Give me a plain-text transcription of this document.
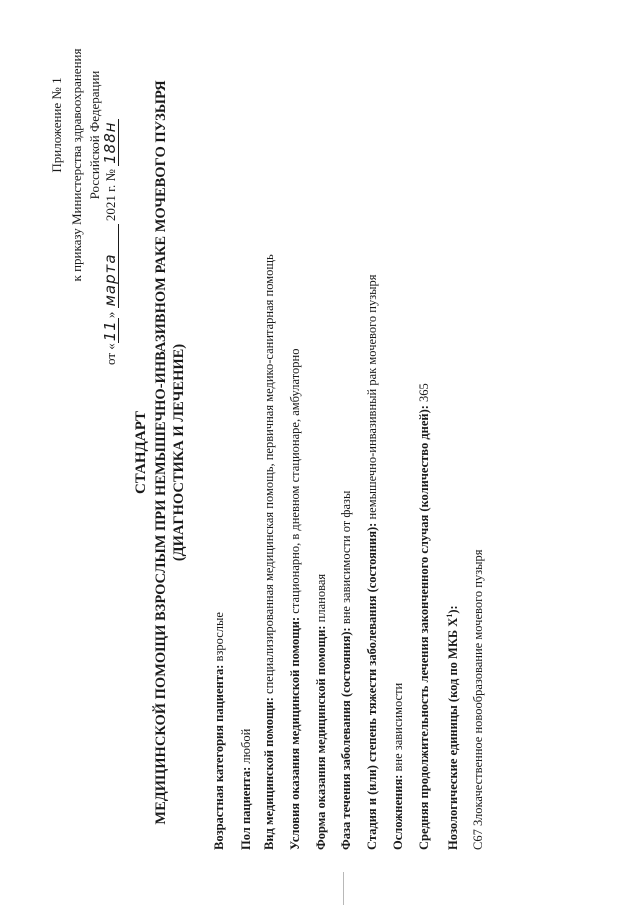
Приложение № 1 к приказу Министерства здравоохранения Российской Федерации
от «11» марта 2021 г. № 188н
СТАНДАРТ МЕДИЦИНСКОЙ ПОМОЩИ ВЗРОСЛЫМ ПРИ НЕМЫШЕЧНО-ИНВАЗИВНОМ РАКЕ МОЧЕВОГО ПУЗЫРЯ (ДИАГНОСТИКА И ЛЕЧЕНИЕ)
Возрастная категория пациента: взрослые
Пол пациента: любой Вид медицинской помощи: специализированная медицинская помощь, первичная медико-санитарная помощь
Условия оказания медицинской помощи: стационарно, в дневном стационаре, амбулаторно
Форма оказания медицинской помощи: плановая
Фаза течения заболевания (состояния): вне зависимости от фазы Стадия и (или) степень тяжести заболевания (состояния): немышечно-инвазивный рак мочевого пузыря
Осложнения: вне зависимости Средняя продолжительность лечения законченного случая (количество дней): 365
Нозологические единицы (код по МКБ $X^1$): С67 Злокачественное новообразование мочевого пузыря
